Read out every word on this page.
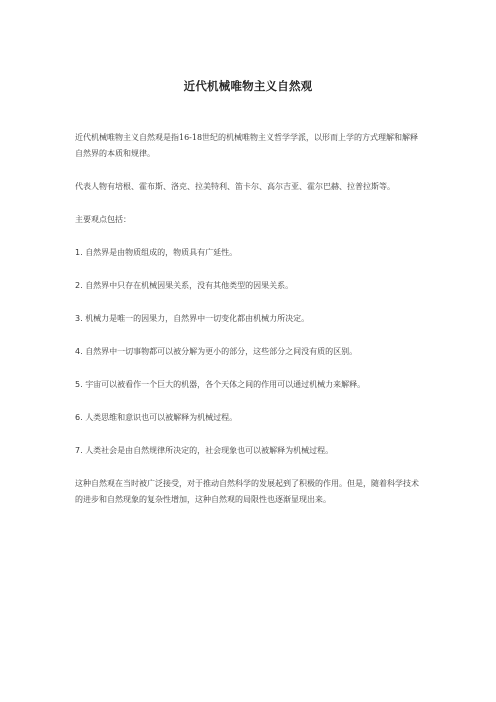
近代机械唯物主义自然观

近代机械唯物主义自然观是指16-18世纪的机械唯物主义哲学学派，以形而上学的方式理解和解释自然界的本质和规律。

代表人物有培根、霍布斯、洛克、拉美特利、笛卡尔、高尔吉亚、霍尔巴赫、拉普拉斯等。

主要观点包括：

1. 自然界是由物质组成的，物质具有广延性。
2. 自然界中只存在机械因果关系，没有其他类型的因果关系。
3. 机械力是唯一的因果力，自然界中一切变化都由机械力所决定。
4. 自然界中一切事物都可以被分解为更小的部分，这些部分之间没有质的区别。
5. 宇宙可以被看作一个巨大的机器，各个天体之间的作用可以通过机械力来解释。
6. 人类思维和意识也可以被解释为机械过程。
7. 人类社会是由自然规律所决定的，社会现象也可以被解释为机械过程。

这种自然观在当时被广泛接受，对于推动自然科学的发展起到了积极的作用。但是，随着科学技术的进步和自然现象的复杂性增加，这种自然观的局限性也逐渐显现出来。
